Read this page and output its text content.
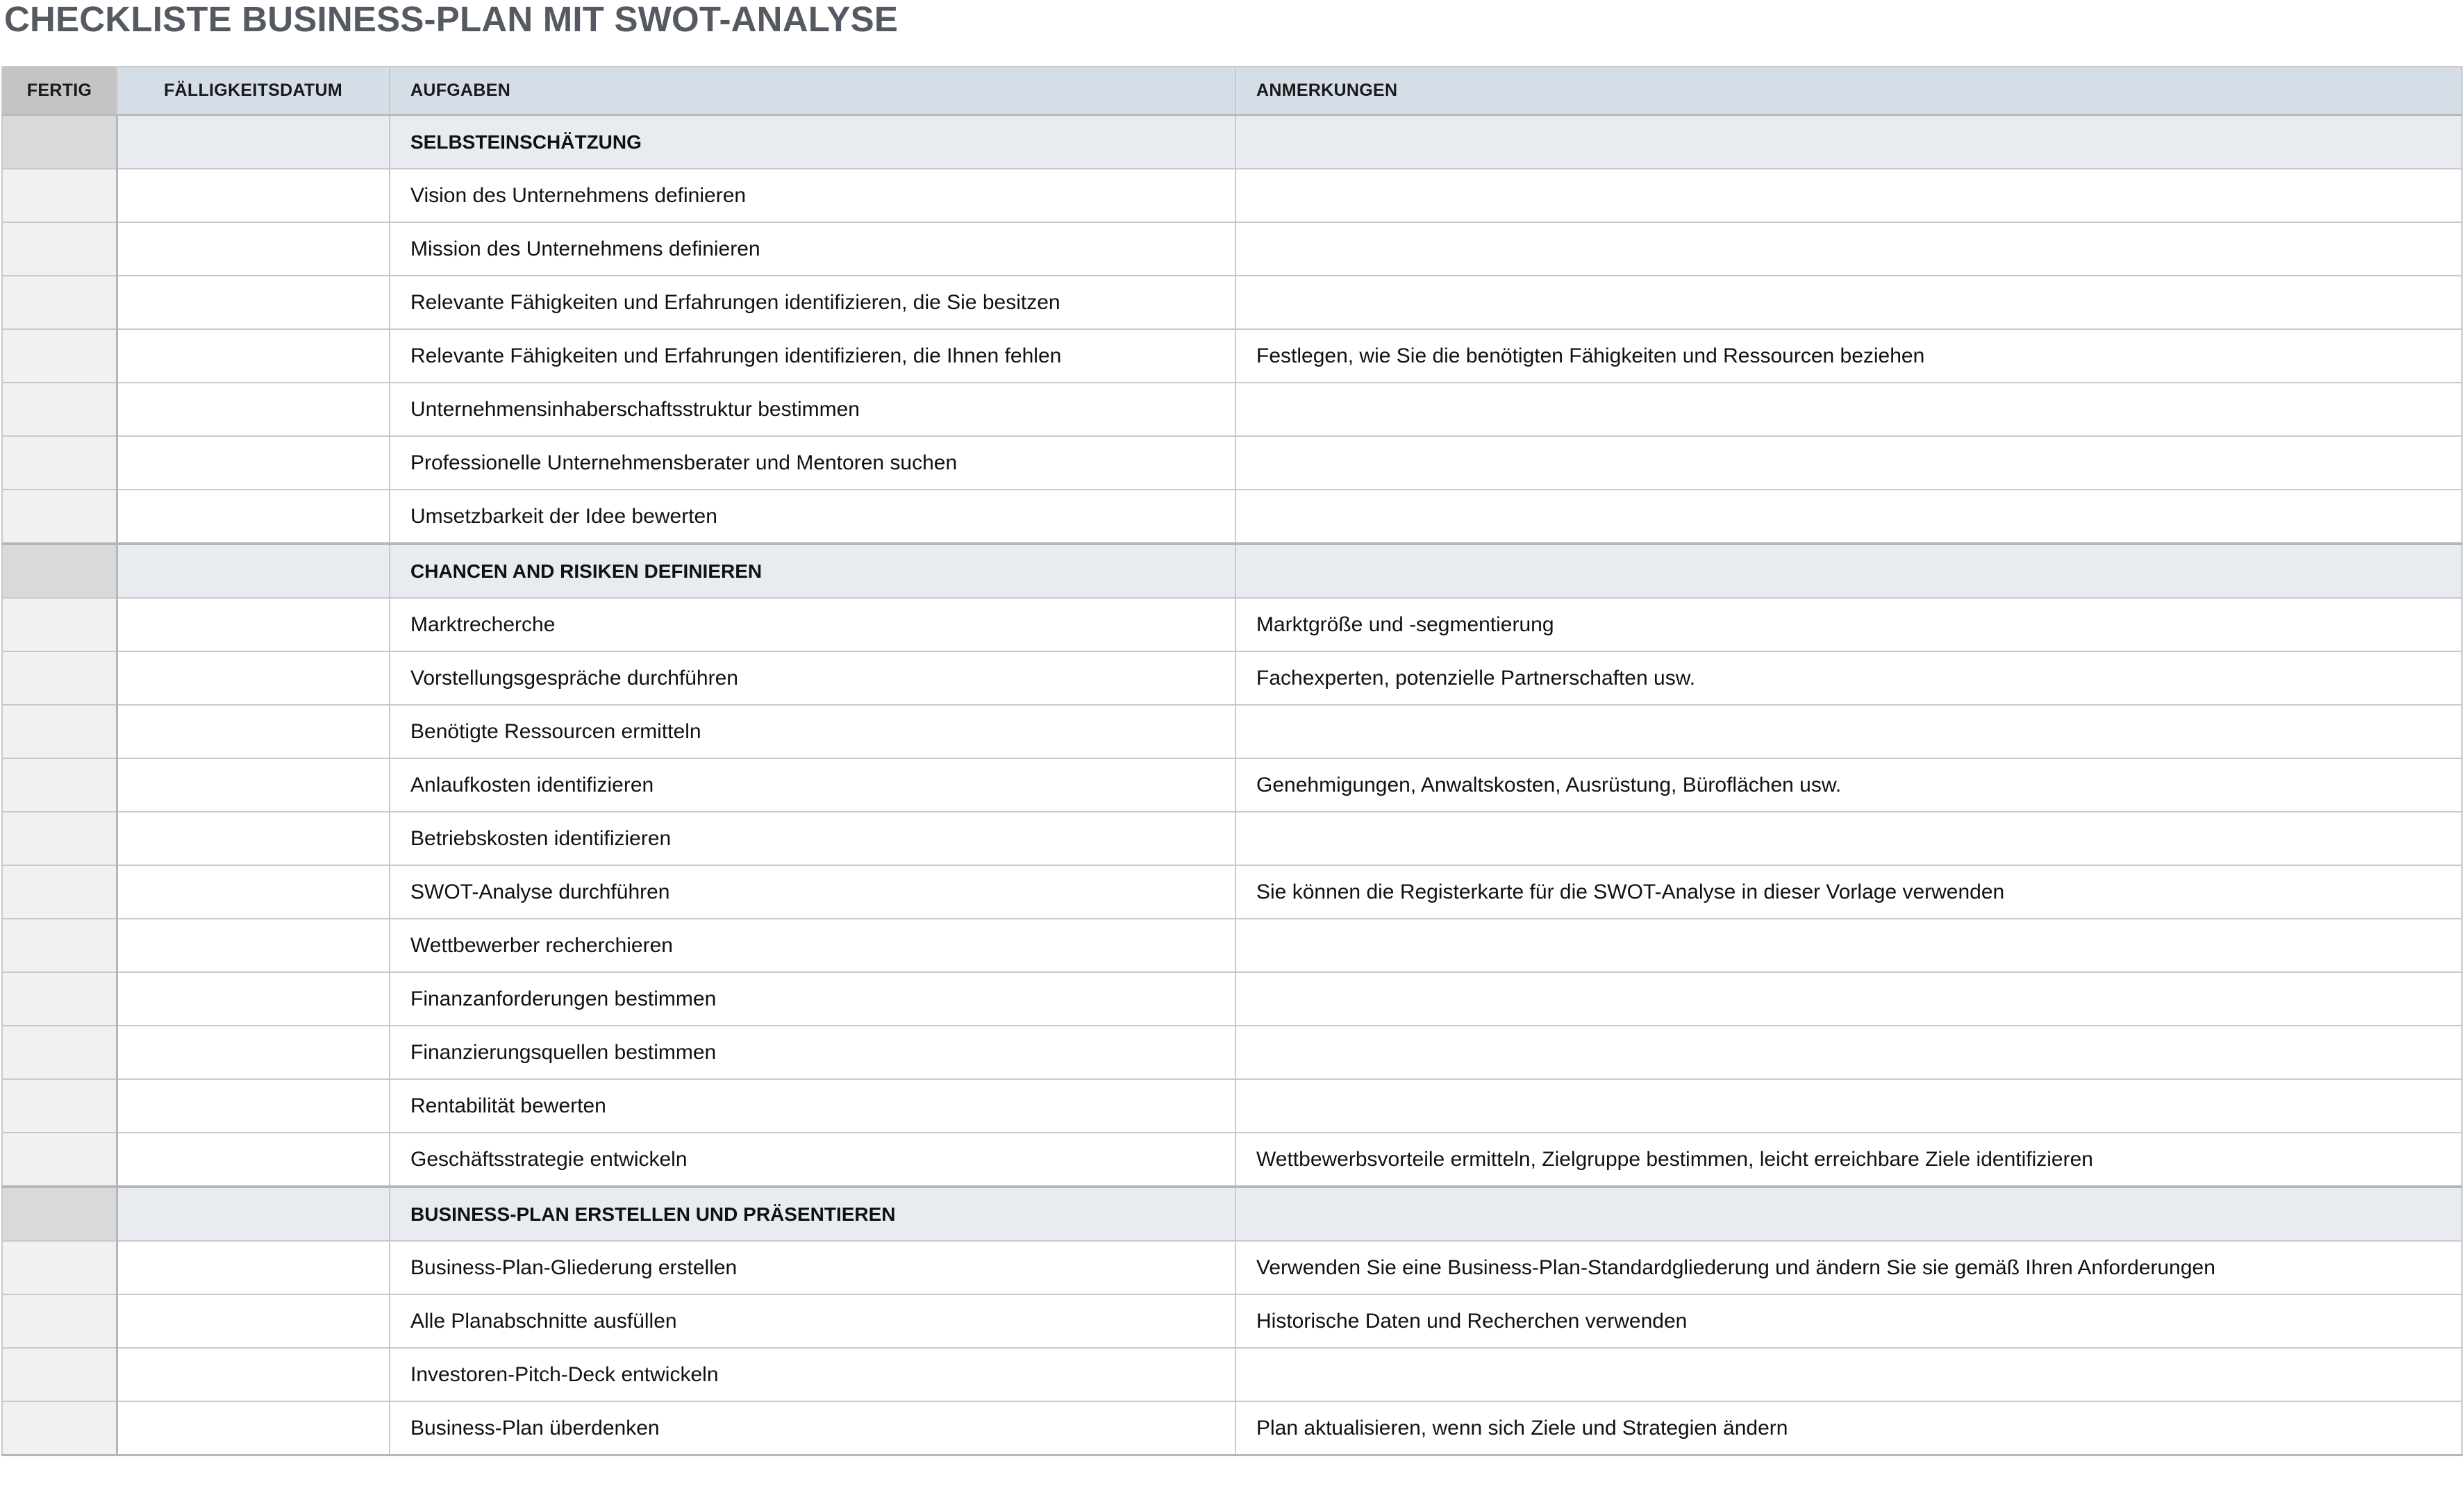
CHECKLISTE BUSINESS-PLAN MIT SWOT-ANALYSE
FERTIG	FÄLLIGKEITSDATUM	AUFGABEN	ANMERKUNGEN
		SELBSTEINSCHÄTZUNG	
		Vision des Unternehmens definieren	
		Mission des Unternehmens definieren	
		Relevante Fähigkeiten und Erfahrungen identifizieren, die Sie besitzen	
		Relevante Fähigkeiten und Erfahrungen identifizieren, die Ihnen fehlen	Festlegen, wie Sie die benötigten Fähigkeiten und Ressourcen beziehen
		Unternehmensinhaberschaftsstruktur bestimmen	
		Professionelle Unternehmensberater und Mentoren suchen	
		Umsetzbarkeit der Idee bewerten	
		CHANCEN AND RISIKEN DEFINIEREN	
		Marktrecherche	Marktgröße und -segmentierung
		Vorstellungsgespräche durchführen	Fachexperten, potenzielle Partnerschaften usw.
		Benötigte Ressourcen ermitteln	
		Anlaufkosten identifizieren	Genehmigungen, Anwaltskosten, Ausrüstung, Büroflächen usw.
		Betriebskosten identifizieren	
		SWOT-Analyse durchführen	Sie können die Registerkarte für die SWOT-Analyse in dieser Vorlage verwenden
		Wettbewerber recherchieren	
		Finanzanforderungen bestimmen	
		Finanzierungsquellen bestimmen	
		Rentabilität bewerten	
		Geschäftsstrategie entwickeln	Wettbewerbsvorteile ermitteln, Zielgruppe bestimmen, leicht erreichbare Ziele identifizieren
		BUSINESS-PLAN ERSTELLEN UND PRÄSENTIEREN	
		Business-Plan-Gliederung erstellen	Verwenden Sie eine Business-Plan-Standardgliederung und ändern Sie sie gemäß Ihren Anforderungen
		Alle Planabschnitte ausfüllen	Historische Daten und Recherchen verwenden
		Investoren-Pitch-Deck entwickeln	
		Business-Plan überdenken	Plan aktualisieren, wenn sich Ziele und Strategien ändern
